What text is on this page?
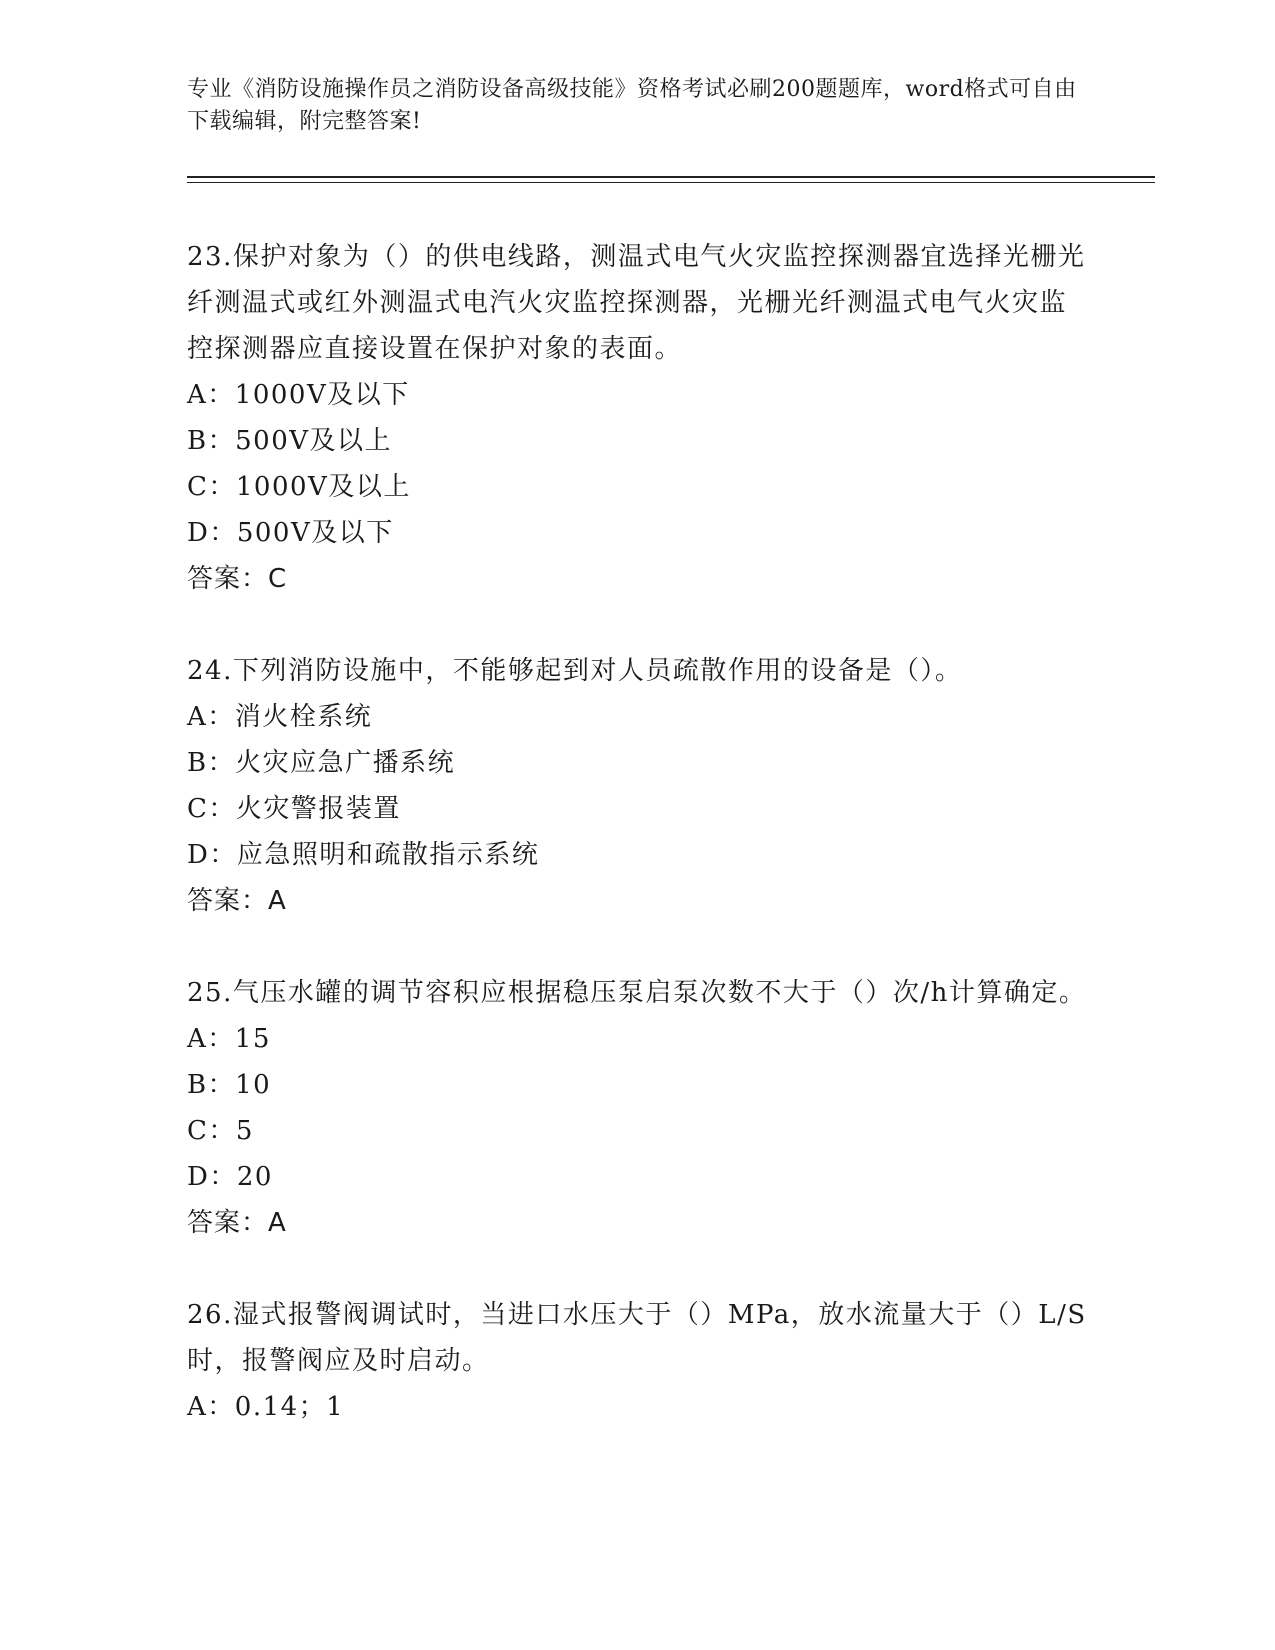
专业《消防设施操作员之消防设备高级技能》资格考试必刷200题题库，word格式可自由下载编辑，附完整答案!
23.保护对象为（）的供电线路，测温式电气火灾监控探测器宜选择光栅光纤测温式或红外测温式电汽火灾监控探测器，光栅光纤测温式电气火灾监控探测器应直接设置在保护对象的表面。
A：1000V及以下
B：500V及以上
C：1000V及以上
D：500V及以下
答案：C
24.下列消防设施中，不能够起到对人员疏散作用的设备是（）。
A：消火栓系统
B：火灾应急广播系统
C：火灾警报装置
D：应急照明和疏散指示系统
答案：A
25.气压水罐的调节容积应根据稳压泵启泵次数不大于（）次/h计算确定。
A：15
B：10
C：5
D：20
答案：A
26.湿式报警阀调试时，当进口水压大于（）MPa，放水流量大于（）L/S时，报警阀应及时启动。
A：0.14；1
